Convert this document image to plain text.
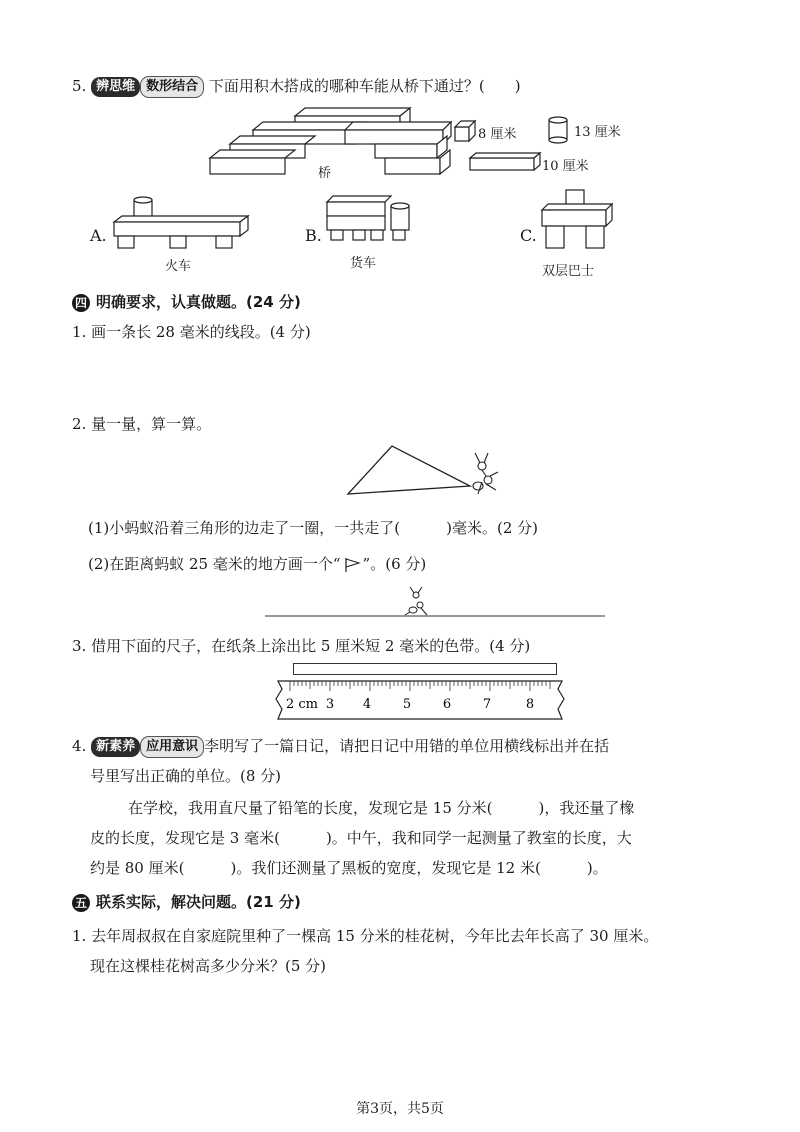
5. 辨思维 数形结合 下面用积木搭成的哪种车能从桥下通过？(　　)
桥
8 厘米	13 厘米
10 厘米
A.
火车
B.
货车
C.
双层巴士
四 明确要求，认真做题。(24 分)
1. 画一条长 28 毫米的线段。(4 分)
2. 量一量，算一算。
(1)小蚂蚁沿着三角形的边走了一圈，一共走了(	)毫米。(2 分)
(2)在距离蚂蚁 25 毫米的地方画一个“ ”。(6 分)
3. 借用下面的尺子，在纸条上涂出比 5 厘米短 2 毫米的色带。(4 分)
2 cm	4 5 6 7	8
3
4. 新素养 应用意识 李明写了一篇日记，请把日记中用错的单位用横线标出并在括
号里写出正确的单位。(8 分)
在学校，我用直尺量了铅笔的长度，发现它是 15 分米(	)，我还量了橡
皮的长度，发现它是 3 毫米(	)。中午，我和同学一起测量了教室的长度，大
约是 80 厘米(	)。我们还测量了黑板的宽度，发现它是 12 米(	)。
五 联系实际，解决问题。(21 分)
1. 去年周叔叔在自家庭院里种了一棵高 15 分米的桂花树，今年比去年长高了 30 厘米。
现在这棵桂花树高多少分米？(5 分)
第3页，共5页
